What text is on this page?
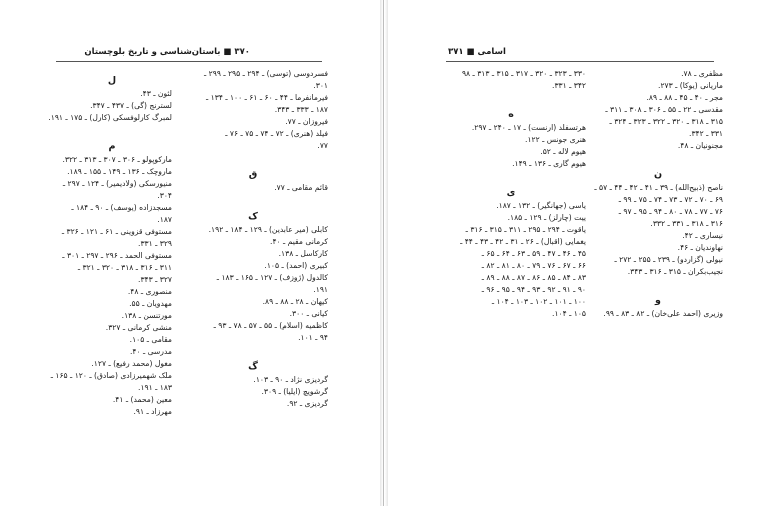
۳۷۰ ■ باستان‌شناسی و تاریخ بلوچستان
ل
لئون ـ ۴۳.
لسترنج (گی) ـ ۴۳۷ ـ ۳۴۷.
لمبرگ کارلوفسکی (کارل) ـ ۱۷۵ ـ ۱۹۱.
م
مارکوپولو ـ ۳۰۶ ـ ۳۰۷ ـ ۳۱۳ ـ ۳۲۲.
ماروچک ـ ۱۳۶ ـ ۱۴۹ ـ ۱۵۵ ـ ۱۸۹.
منیورسکی (ولادیمیر) ـ ۱۲۴ ـ ۲۹۷ ـ
۳۰۴.
مسجدزاده (یوسف) ـ ۹۰ ـ ۱۸۴ ـ
۱۸۷.
مستوفی قزوینی ـ ۶۱ ـ ۱۲۱ ـ ۳۲۶ ـ
۳۲۹ ـ ۳۳۱.
مستوفی الحمد ـ ۲۹۶ ـ ۲۹۷ ـ ۳۰۱ ـ
۳۱۱ ـ ۳۱۶ ـ ۳۱۸ ـ ۳۲۰ ـ ۳۲۱ ـ
۳۲۷ ـ ۳۴۳.
منصوری ـ ۴۸.
مهدویان ـ ۵۵.
مورتنسن ـ ۱۳۸.
منشی کرمانی ـ ۳۲۷.
مقامی ـ ۱۰۵.
مدرسی ـ ۴۰.
مغول (محمد رفیع) ـ ۱۲۷.
ملک شهمیرزادی (صادق) ـ ۱۲۰ ـ ۱۶۵ ـ
۱۸۳ ـ ۱۹۱.
معین (محمد) ـ ۴۱.
مهرزاد ـ ۹۱.
فسردوسی (توسی) ـ ۲۹۴ ـ ۲۹۵ ـ ۲۹۹ ـ
۳۰۱.
فیرمانفرما ـ ۴۴ ـ ۶۰ ـ ۶۱ ـ ۱۰۰ ـ ۱۳۴ ـ
۱۸۷ ـ ۳۳۳ ـ ۳۴۳.
فیروزان ـ ۷۷.
فیلد (هنری) ـ ۷۲ ـ ۷۴ ـ ۷۵ ـ ۷۶ ـ
۷۷.
ق
قائم مقامی ـ ۷۷.
ک
کابلی (میر عابدین) ـ ۱۲۹ ـ ۱۸۴ ـ ۱۹۲.
کرمانی مقیم ـ ۴۰.
کارکاسل ـ ۱۳۸.
کبیری (احمد) ـ ۱۰۵.
کالدول (ژوزف) ـ ۱۲۷ ـ ۱۶۵ ـ ۱۸۳ ـ
۱۹۱.
کیهان ـ ۲۸ ـ ۸۸ ـ ۸۹.
کیانی ـ ۳۰۰.
کاظمیه (اسلام) ـ ۵۵ ـ ۵۷ ـ ۷۸ ـ ۹۳ ـ
۹۴ ـ ۱۰۱.
گ
گردیزی نژاد ـ ۹۰ ـ ۱۰۳.
گرشویچ (ایلیا) ـ ۳۰۹.
گردیزی ـ ۹۲.
اسامی ■ ۳۷۱
۳۳۰ ـ ۳۲۳ ـ ۳۲۰ ـ ۳۱۷ ـ ۳۱۵ ـ ۳۱۳ ـ ۹۸
۳۴۲ ـ ۳۳۱.
ه
هرتسفلد (ارنست) ـ ۱۷ ـ ۲۴۰ ـ ۲۹۷.
هنری جونس ـ ۱۲۲.
هیوم لاله ـ ۵۲.
هیوم گاری ـ ۱۳۶ ـ ۱۴۹.
ی
یاسی (جهانگیر) ـ ۱۳۲ ـ ۱۸۷.
ییت (چارلز) ـ ۱۲۹ ـ ۱۸۵.
یاقوت ـ ۲۹۴ ـ ۲۹۵ ـ ۳۱۱ ـ ۳۱۵ ـ ۳۱۶ ـ
یغمایی (اقبال) ـ ۲۶ ـ ۳۱ ـ ۴۲ ـ ۴۳ ـ ۴۴ ـ
۴۵ ـ ۴۶ ـ ۴۷ ـ ۵۹ ـ ۶۳ ـ ۶۴ ـ ۶۵ ـ
۶۶ ـ ۶۷ ـ ۷۶ ـ ۷۹ ـ ۸۰ ـ ۸۱ ـ ۸۲ ـ
۸۳ ـ ۸۴ ـ ۸۵ ـ ۸۶ ـ ۸۷ ـ ۸۸ ـ ۸۹ ـ
۹۰ ـ ۹۱ ـ ۹۲ ـ ۹۳ ـ ۹۴ ـ ۹۵ ـ ۹۶ ـ
۱۰۰ ـ ۱۰۱ ـ ۱۰۲ ـ ۱۰۳ ـ ۱۰۴ ـ
۱۰۵ ـ ۱۰۴.
مظفری ـ ۷۸.
ماریانی (یوکا) ـ ۲۷۳.
مجر ـ ۴۰ ـ ۴۵ ـ ۸۸ ـ ۸۹.
مقدسی ـ ۲۲ ـ ۵۵ ـ ۳۰۶ ـ ۳۰۸ ـ ۳۱۱ ـ
۳۱۵ ـ ۳۱۸ ـ ۳۲۰ ـ ۳۲۲ ـ ۳۲۳ ـ ۳۲۴ ـ
۳۳۱ ـ ۳۴۲.
مجنونیان ـ ۴۸.
ن
ناصح (ذبیح‌الله) ـ ۳۹ ـ ۴۱ ـ ۴۲ ـ ۴۴ ـ ۵۷ ـ
۶۹ ـ ۷۰ ـ ۷۲ ـ ۷۳ ـ ۷۴ ـ ۷۵ ـ ۹۹ ـ
۷۶ ـ ۷۷ ـ ۷۸ ـ ۸۰ ـ ۹۴ ـ ۹۵ ـ ۹۷ ـ
۳۱۶ ـ ۳۱۸ ـ ۳۳۱ ـ ۳۳۲.
نیساری ـ ۴۲.
نهاوندیان ـ ۴۶.
نیولی (گزاردو) ـ ۲۳۹ ـ ۲۵۵ ـ ۲۷۲ ـ
نجیب‌بکران ـ ۳۱۵ ـ ۳۱۶ ـ ۳۴۳.
و
وزیری (احمد علی‌خان) ـ ۸۲ ـ ۸۳ ـ ۹۹.
